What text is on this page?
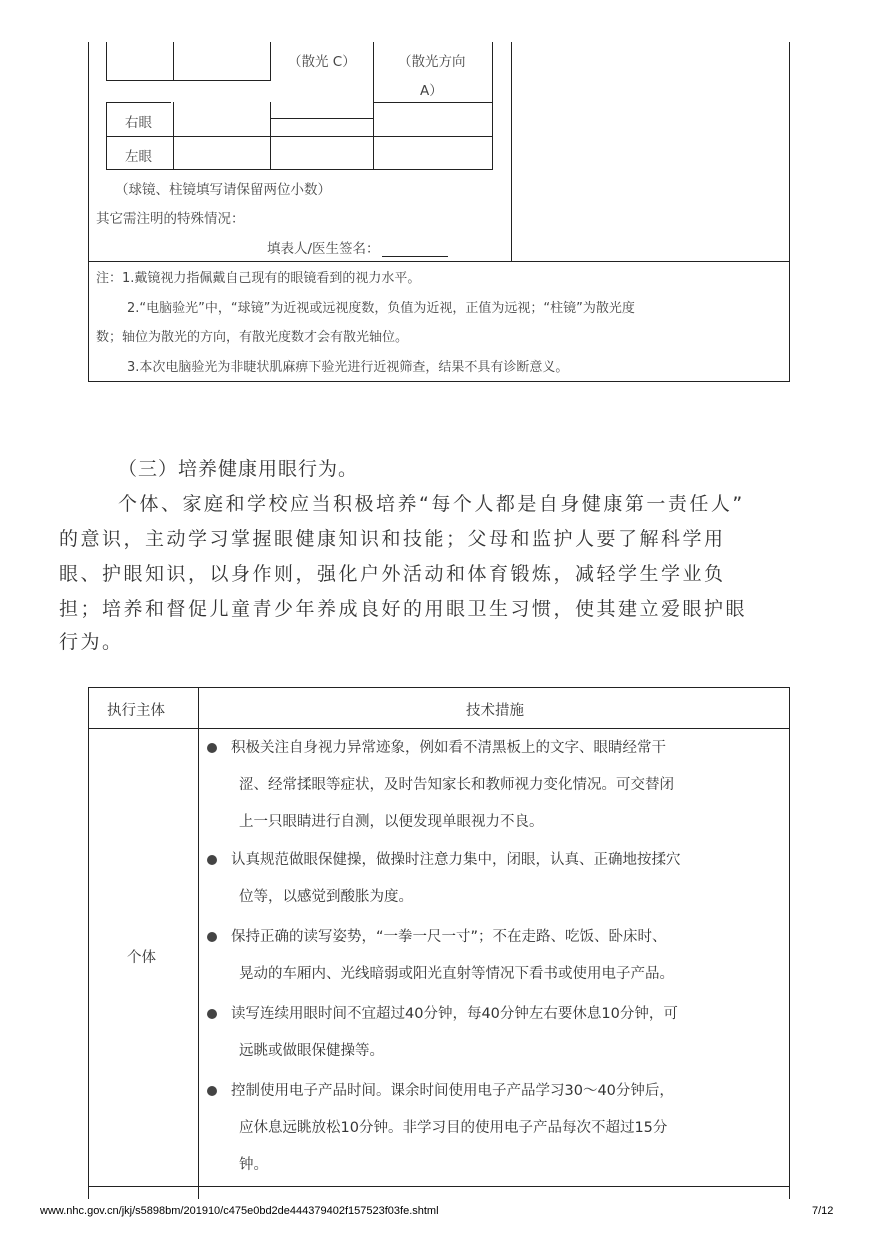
（散光 C）	（散光方向
A）
右眼
左眼
（球镜、柱镜填写请保留两位小数）
其它需注明的特殊情况：
填表人/医生签名：
注：1.戴镜视力指佩戴自己现有的眼镜看到的视力水平。
2.“电脑验光”中，“球镜”为近视或远视度数，负值为近视，正值为远视；“柱镜”为散光度
数；轴位为散光的方向，有散光度数才会有散光轴位。
3.本次电脑验光为非睫状肌麻痹下验光进行近视筛查，结果不具有诊断意义。
（三）培养健康用眼行为。
个体、家庭和学校应当积极培养“每个人都是自身健康第一责任人”
的意识，主动学习掌握眼健康知识和技能；父母和监护人要了解科学用
眼、护眼知识，以身作则，强化户外活动和体育锻炼，减轻学生学业负
担；培养和督促儿童青少年养成良好的用眼卫生习惯，使其建立爱眼护眼
行为。
执行主体	技术措施
个体
积极关注自身视力异常迹象，例如看不清黑板上的文字、眼睛经常干
涩、经常揉眼等症状，及时告知家长和教师视力变化情况。可交替闭
上一只眼睛进行自测，以便发现单眼视力不良。
认真规范做眼保健操，做操时注意力集中，闭眼，认真、正确地按揉穴
位等，以感觉到酸胀为度。
保持正确的读写姿势，“一拳一尺一寸”；不在走路、吃饭、卧床时、
晃动的车厢内、光线暗弱或阳光直射等情况下看书或使用电子产品。
读写连续用眼时间不宜超过40分钟，每40分钟左右要休息10分钟，可
远眺或做眼保健操等。
控制使用电子产品时间。课余时间使用电子产品学习30～40分钟后，
应休息远眺放松10分钟。非学习目的使用电子产品每次不超过15分
钟。
www.nhc.gov.cn/jkj/s5898bm/201910/c475e0bd2de444379402f157523f03fe.shtml	7/12
